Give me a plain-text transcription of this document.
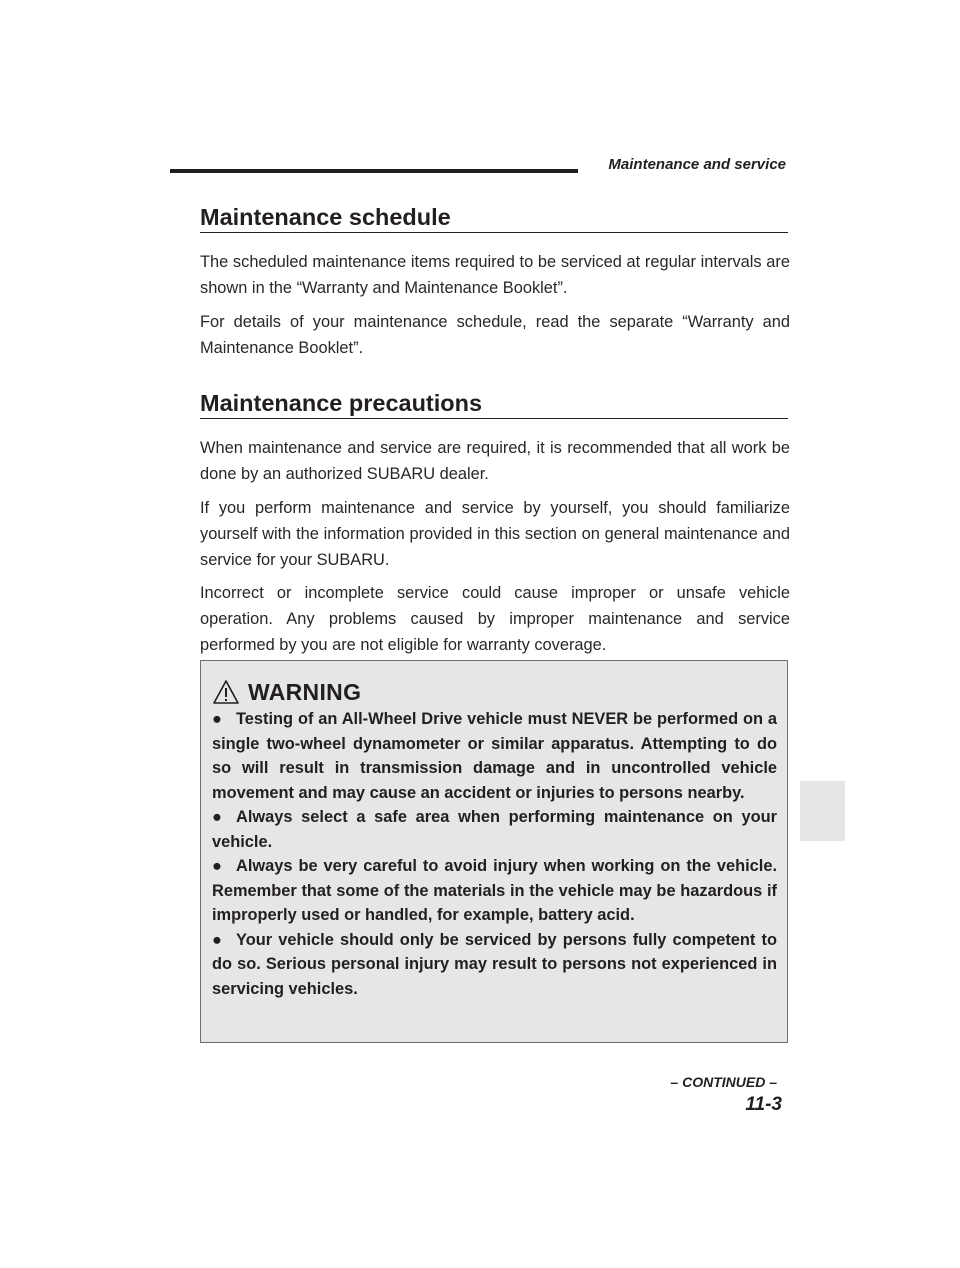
Maintenance and service
Maintenance schedule

The scheduled maintenance items required to be serviced at regular intervals are shown in the “Warranty and Maintenance Booklet”.

For details of your maintenance schedule, read the separate “Warranty and Maintenance Booklet”.

Maintenance precautions

When maintenance and service are required, it is recommended that all work be done by an authorized SUBARU dealer.

If you perform maintenance and service by yourself, you should familiarize yourself with the information provided in this section on general maintenance and service for your SUBARU.

Incorrect or incomplete service could cause improper or unsafe vehicle operation. Any problems caused by improper maintenance and service performed by you are not eligible for warranty coverage.

WARNING
● Testing of an All-Wheel Drive vehicle must NEVER be performed on a single two-wheel dynamometer or similar apparatus. Attempting to do so will result in transmission damage and in uncontrolled vehicle movement and may cause an accident or injuries to persons nearby.
● Always select a safe area when performing maintenance on your vehicle.
● Always be very careful to avoid injury when working on the vehicle. Remember that some of the materials in the vehicle may be hazardous if improperly used or handled, for example, battery acid.
● Your vehicle should only be serviced by persons fully competent to do so. Serious personal injury may result to persons not experienced in servicing vehicles.
– CONTINUED –
11-3
